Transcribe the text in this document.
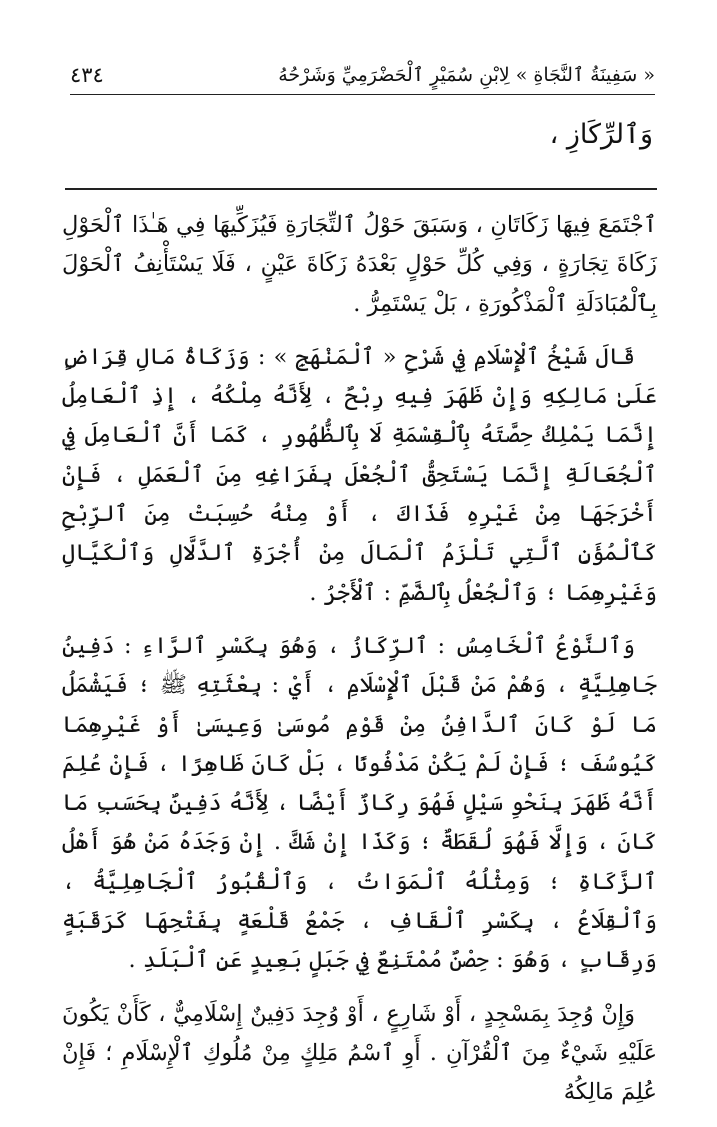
« سَفِينَةُ ٱلنَّجَاةِ » لِابْنِ سُمَيْرٍ ٱلْحَضْرَمِيِّ وَشَرْحُهُ
٤٣٤
وَٱلرِّكَازِ ،

ٱجْتَمَعَ فِيهَا زَكَاتَانِ ، وَسَبَقَ حَوْلُ ٱلتِّجَارَةِ فَيُزَكِّيهَا فِي هَـٰذَا ٱلْحَوْلِ زَكَاةَ تِجَارَةٍ ، وَفِي كُلِّ حَوْلٍ بَعْدَهُ زَكَاةَ عَيْنٍ ، فَلَا يَسْتَأْنِفُ ٱلْحَوْلَ بِٱلْمُبَادَلَةِ ٱلْمَذْكُورَةِ ، بَلْ يَسْتَمِرُّ .

قَالَ شَيْخُ ٱلْإِسْلَامِ فِي شَرْحِ « ٱلْمَنْهَجِ » : وَزَكَاةُ مَالِ قِرَاضٍ عَلَىٰ مَالِكِهِ وَإِنْ ظَهَرَ فِيهِ رِبْحٌ ، لِأَنَّهُ مِلْكُهُ ، إِذِ ٱلْعَامِلُ إِنَّمَا يَمْلِكُ حِصَّتَهُ بِٱلْقِسْمَةِ لَا بِٱلظُّهُورِ ، كَمَا أَنَّ ٱلْعَامِلَ فِي ٱلْجُعَالَةِ إِنَّمَا يَسْتَحِقُّ ٱلْجُعْلَ بِفَرَاغِهِ مِنَ ٱلْعَمَلِ ، فَإِنْ أَخْرَجَهَا مِنْ غَيْرِهِ فَذَاكَ ، أَوْ مِنْهُ حُسِبَتْ مِنَ ٱلرِّبْحِ كَٱلْمُؤَنِ ٱلَّتِي تَلْزَمُ ٱلْمَالَ مِنْ أُجْرَةِ ٱلدَّلَّالِ وَٱلْكَيَّالِ وَغَيْرِهِمَا ؛ وَٱلْجُعْلُ بِٱلضَّمِّ : ٱلْأَجْرُ .

وَٱلنَّوْعُ ٱلْخَامِسُ : ٱلرِّكَازُ ، وَهُوَ بِكَسْرِ ٱلرَّاءِ : دَفِينُ جَاهِلِيَّةٍ ، وَهُمْ مَنْ قَبْلَ ٱلْإِسْلَامِ ، أَيْ : بِعْثَتِهِ ﷺ ؛ فَيَشْمَلُ مَا لَوْ كَانَ ٱلدَّافِنُ مِنْ قَوْمِ مُوسَىٰ وَعِيسَىٰ أَوْ غَيْرِهِمَا كَيُوسُفَ ؛ فَإِنْ لَمْ يَكُنْ مَدْفُونًا ، بَلْ كَانَ ظَاهِرًا ، فَإِنْ عُلِمَ أَنَّهُ ظَهَرَ بِنَحْوِ سَيْلٍ فَهُوَ رِكَازٌ أَيْضًا ، لِأَنَّهُ دَفِينٌ بِحَسَبِ مَا كَانَ ، وَإِلَّا فَهُوَ لُقَطَةٌ ؛ وَكَذَا إِنْ شَكَّ . إِنْ وَجَدَهُ مَنْ هُوَ أَهْلُ ٱلزَّكَاةِ ؛ وَمِثْلُهُ ٱلْمَوَاتُ ، وَٱلْقُبُورُ ٱلْجَاهِلِيَّةُ ، وَٱلْقِلَاعُ ، بِكَسْرِ ٱلْقَافِ ، جَمْعُ قَلْعَةٍ بِفَتْحِهَا كَرَقَبَةٍ وَرِقَابٍ ، وَهُوَ : حِصْنٌ مُمْتَنِعٌ فِي جَبَلٍ بَعِيدٍ عَنِ ٱلْبَلَدِ .

وَإِنْ وُجِدَ بِمَسْجِدٍ ، أَوْ شَارِعٍ ، أَوْ وُجِدَ دَفِينٌ إِسْلَامِيٌّ ، كَأَنْ يَكُونَ عَلَيْهِ شَيْءٌ مِنَ ٱلْقُرْآنِ . أَوِ ٱسْمُ مَلِكٍ مِنْ مُلُوكِ ٱلْإِسْلَامِ ؛ فَإِنْ عُلِمَ مَالِكُهُ
